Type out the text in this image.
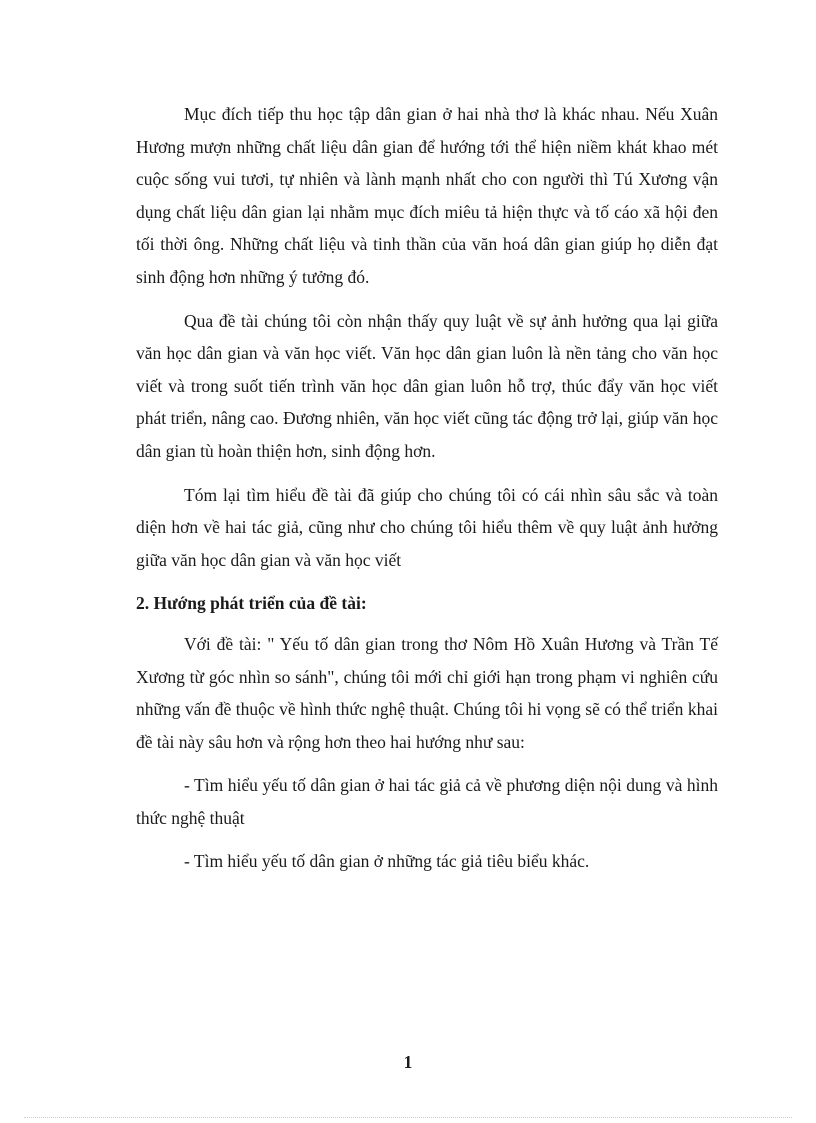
Mục đích tiếp thu học tập dân gian ở hai nhà thơ là khác nhau. Nếu Xuân Hương mượn những chất liệu dân gian để hướng tới thể hiện niềm khát khao mét cuộc sống vui tươi, tự nhiên và lành mạnh nhất cho con người thì Tú Xương vận dụng chất liệu dân gian lại nhằm mục đích miêu tả hiện thực và tố cáo xã hội đen tối thời ông. Những chất liệu và tinh thần của văn hoá dân gian giúp họ diễn đạt sinh động hơn những ý tưởng đó.

Qua đề tài chúng tôi còn nhận thấy quy luật về sự ảnh hưởng qua lại giữa văn học dân gian và văn học viết. Văn học dân gian luôn là nền tảng cho văn học viết và trong suốt tiến trình văn học dân gian luôn hỗ trợ, thúc đẩy văn học viết phát triển, nâng cao. Đương nhiên, văn học viết cũng tác động trở lại, giúp văn học dân gian tù hoàn thiện hơn, sinh động hơn.

Tóm lại tìm hiểu đề tài đã giúp cho chúng tôi có cái nhìn sâu sắc và toàn diện hơn về hai tác giả, cũng như cho chúng tôi hiểu thêm về quy luật ảnh hưởng giữa văn học dân gian và văn học viết

2. Hướng phát triển của đề tài:

Với đề tài: " Yếu tố dân gian trong thơ Nôm Hồ Xuân Hương và Trần Tế Xương từ góc nhìn so sánh", chúng tôi mới chỉ giới hạn trong phạm vi nghiên cứu những vấn đề thuộc về hình thức nghệ thuật. Chúng tôi hi vọng sẽ có thể triển khai đề tài này sâu hơn và rộng hơn theo hai hướng như sau:

- Tìm hiểu yếu tố dân gian ở hai tác giả cả về phương diện nội dung và hình thức nghệ thuật

- Tìm hiểu yếu tố dân gian ở những tác giả tiêu biểu khác.

1
